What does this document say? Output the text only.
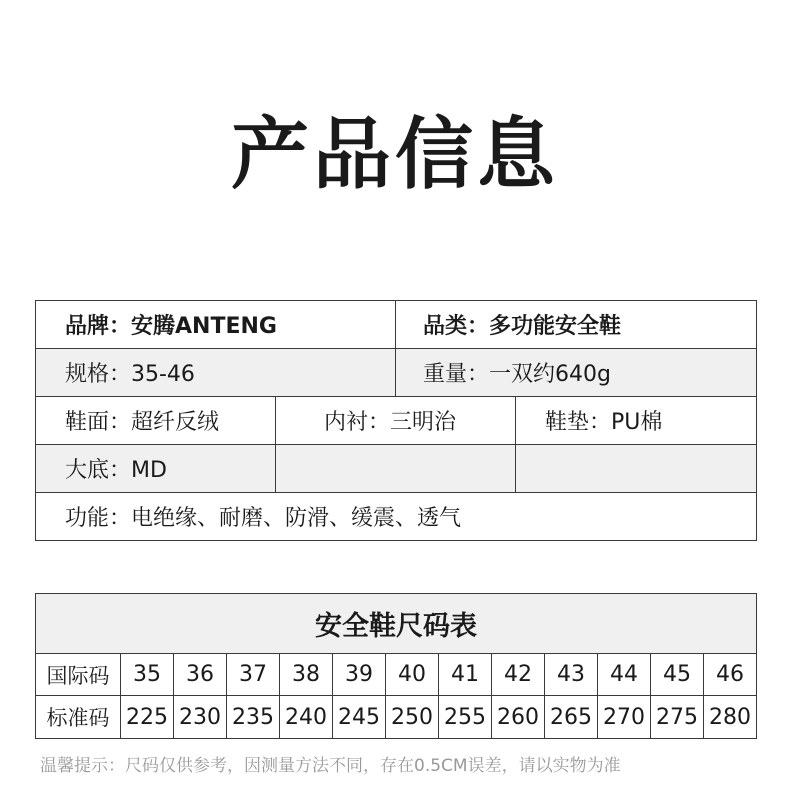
产品信息
品牌：安腾ANTENG		品类：多功能安全鞋	
规格：35-46		重量：一双约640g	
鞋面：超纤反绒	内衬：三明治		鞋垫：PU棉
大底：MD			
功能：电绝缘、耐磨、防滑、缓震、透气			
安全鞋尺码表												
国际码	35	36	37	38	39	40	41	42	43	44	45	46
标准码	225	230	235	240	245	250	255	260	265	270	275	280
温馨提示：尺码仅供参考，因测量方法不同，存在0.5CM误差，请以实物为准
